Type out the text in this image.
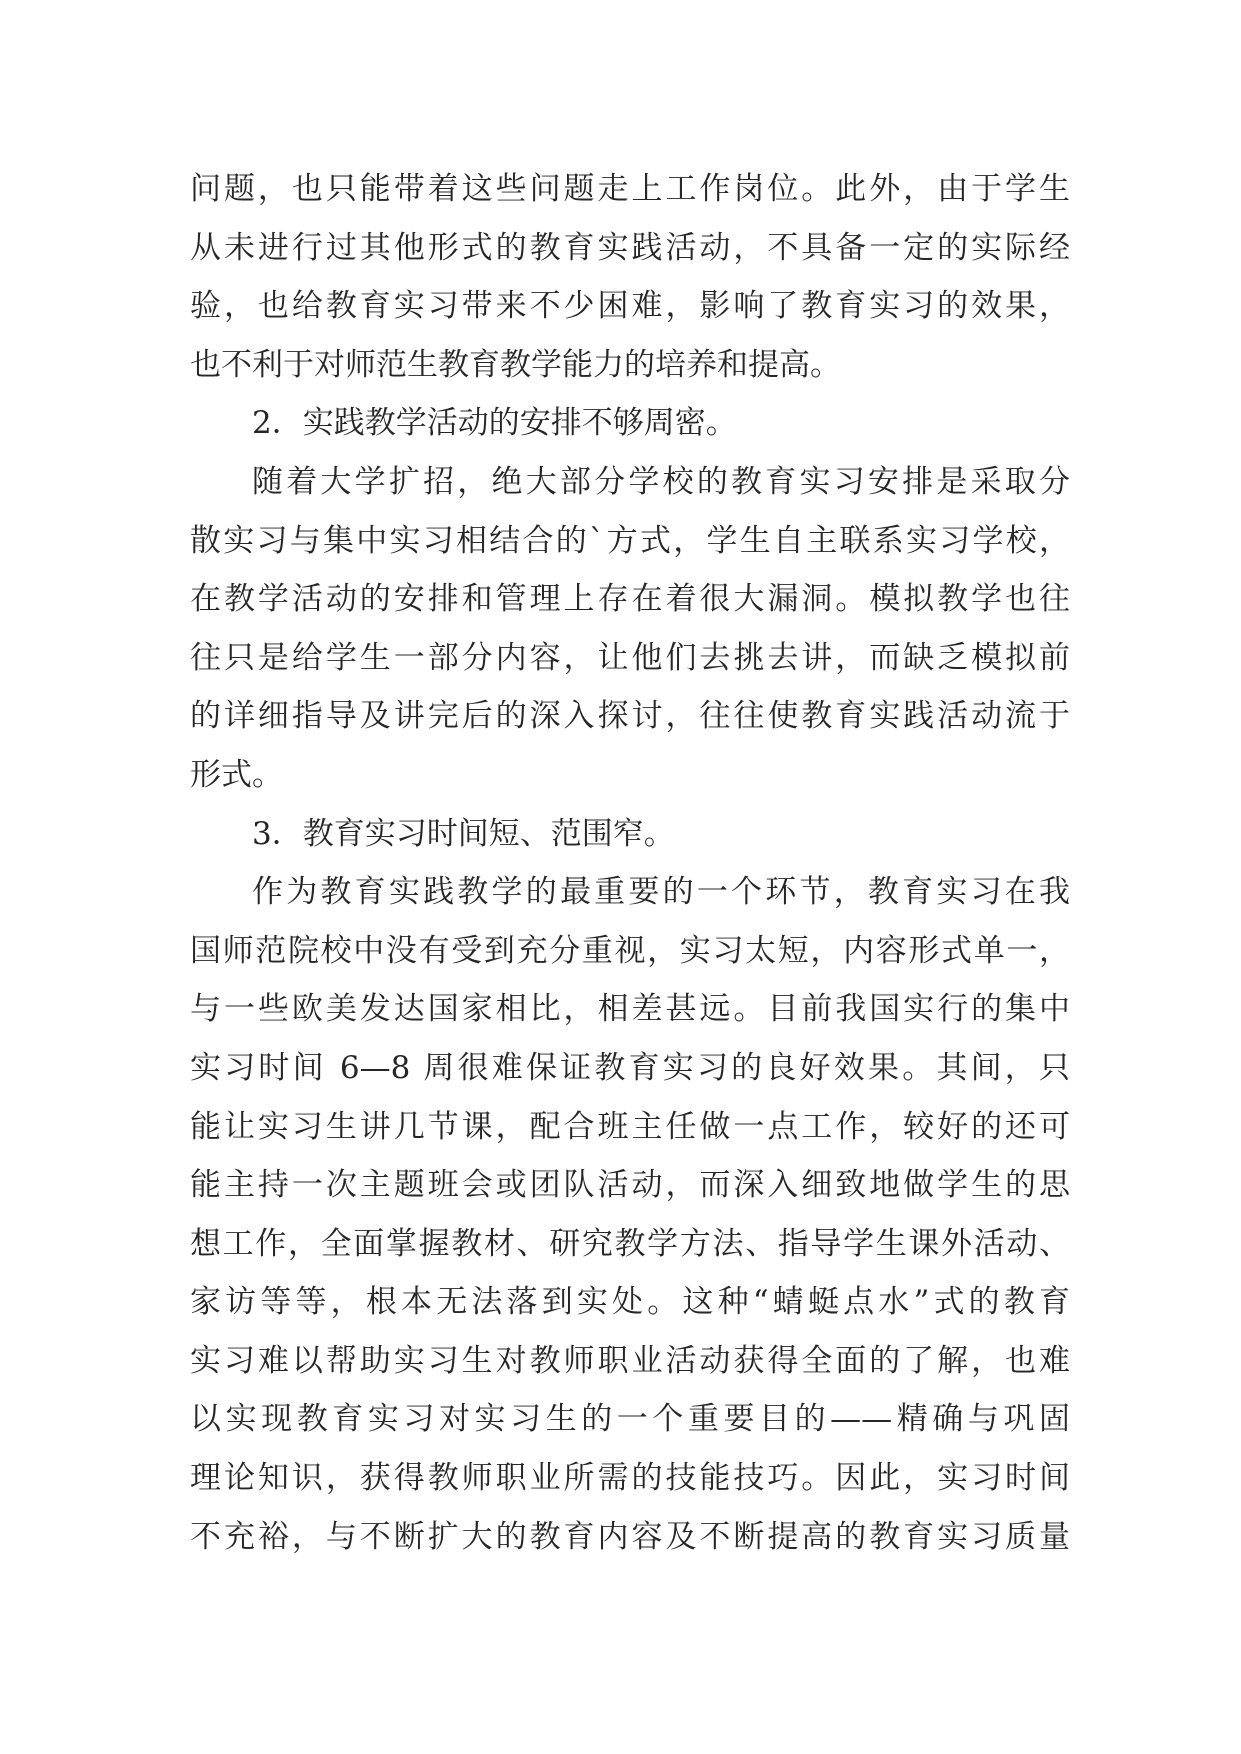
问题，也只能带着这些问题走上工作岗位。此外，由于学生
从未进行过其他形式的教育实践活动，不具备一定的实际经
验，也给教育实习带来不少困难，影响了教育实习的效果，
也不利于对师范生教育教学能力的培养和提高。
2．实践教学活动的安排不够周密。
随着大学扩招，绝大部分学校的教育实习安排是采取分
散实习与集中实习相结合的`方式，学生自主联系实习学校，
在教学活动的安排和管理上存在着很大漏洞。模拟教学也往
往只是给学生一部分内容，让他们去挑去讲，而缺乏模拟前
的详细指导及讲完后的深入探讨，往往使教育实践活动流于
形式。
3．教育实习时间短、范围窄。
作为教育实践教学的最重要的一个环节，教育实习在我
国师范院校中没有受到充分重视，实习太短，内容形式单一，
与一些欧美发达国家相比，相差甚远。目前我国实行的集中
实习时间 6—8 周很难保证教育实习的良好效果。其间，只
能让实习生讲几节课，配合班主任做一点工作，较好的还可
能主持一次主题班会或团队活动，而深入细致地做学生的思
想工作，全面掌握教材、研究教学方法、指导学生课外活动、
家访等等，根本无法落到实处。这种“蜻蜓点水”式的教育
实习难以帮助实习生对教师职业活动获得全面的了解，也难
以实现教育实习对实习生的一个重要目的——精确与巩固
理论知识，获得教师职业所需的技能技巧。因此，实习时间
不充裕，与不断扩大的教育内容及不断提高的教育实习质量
